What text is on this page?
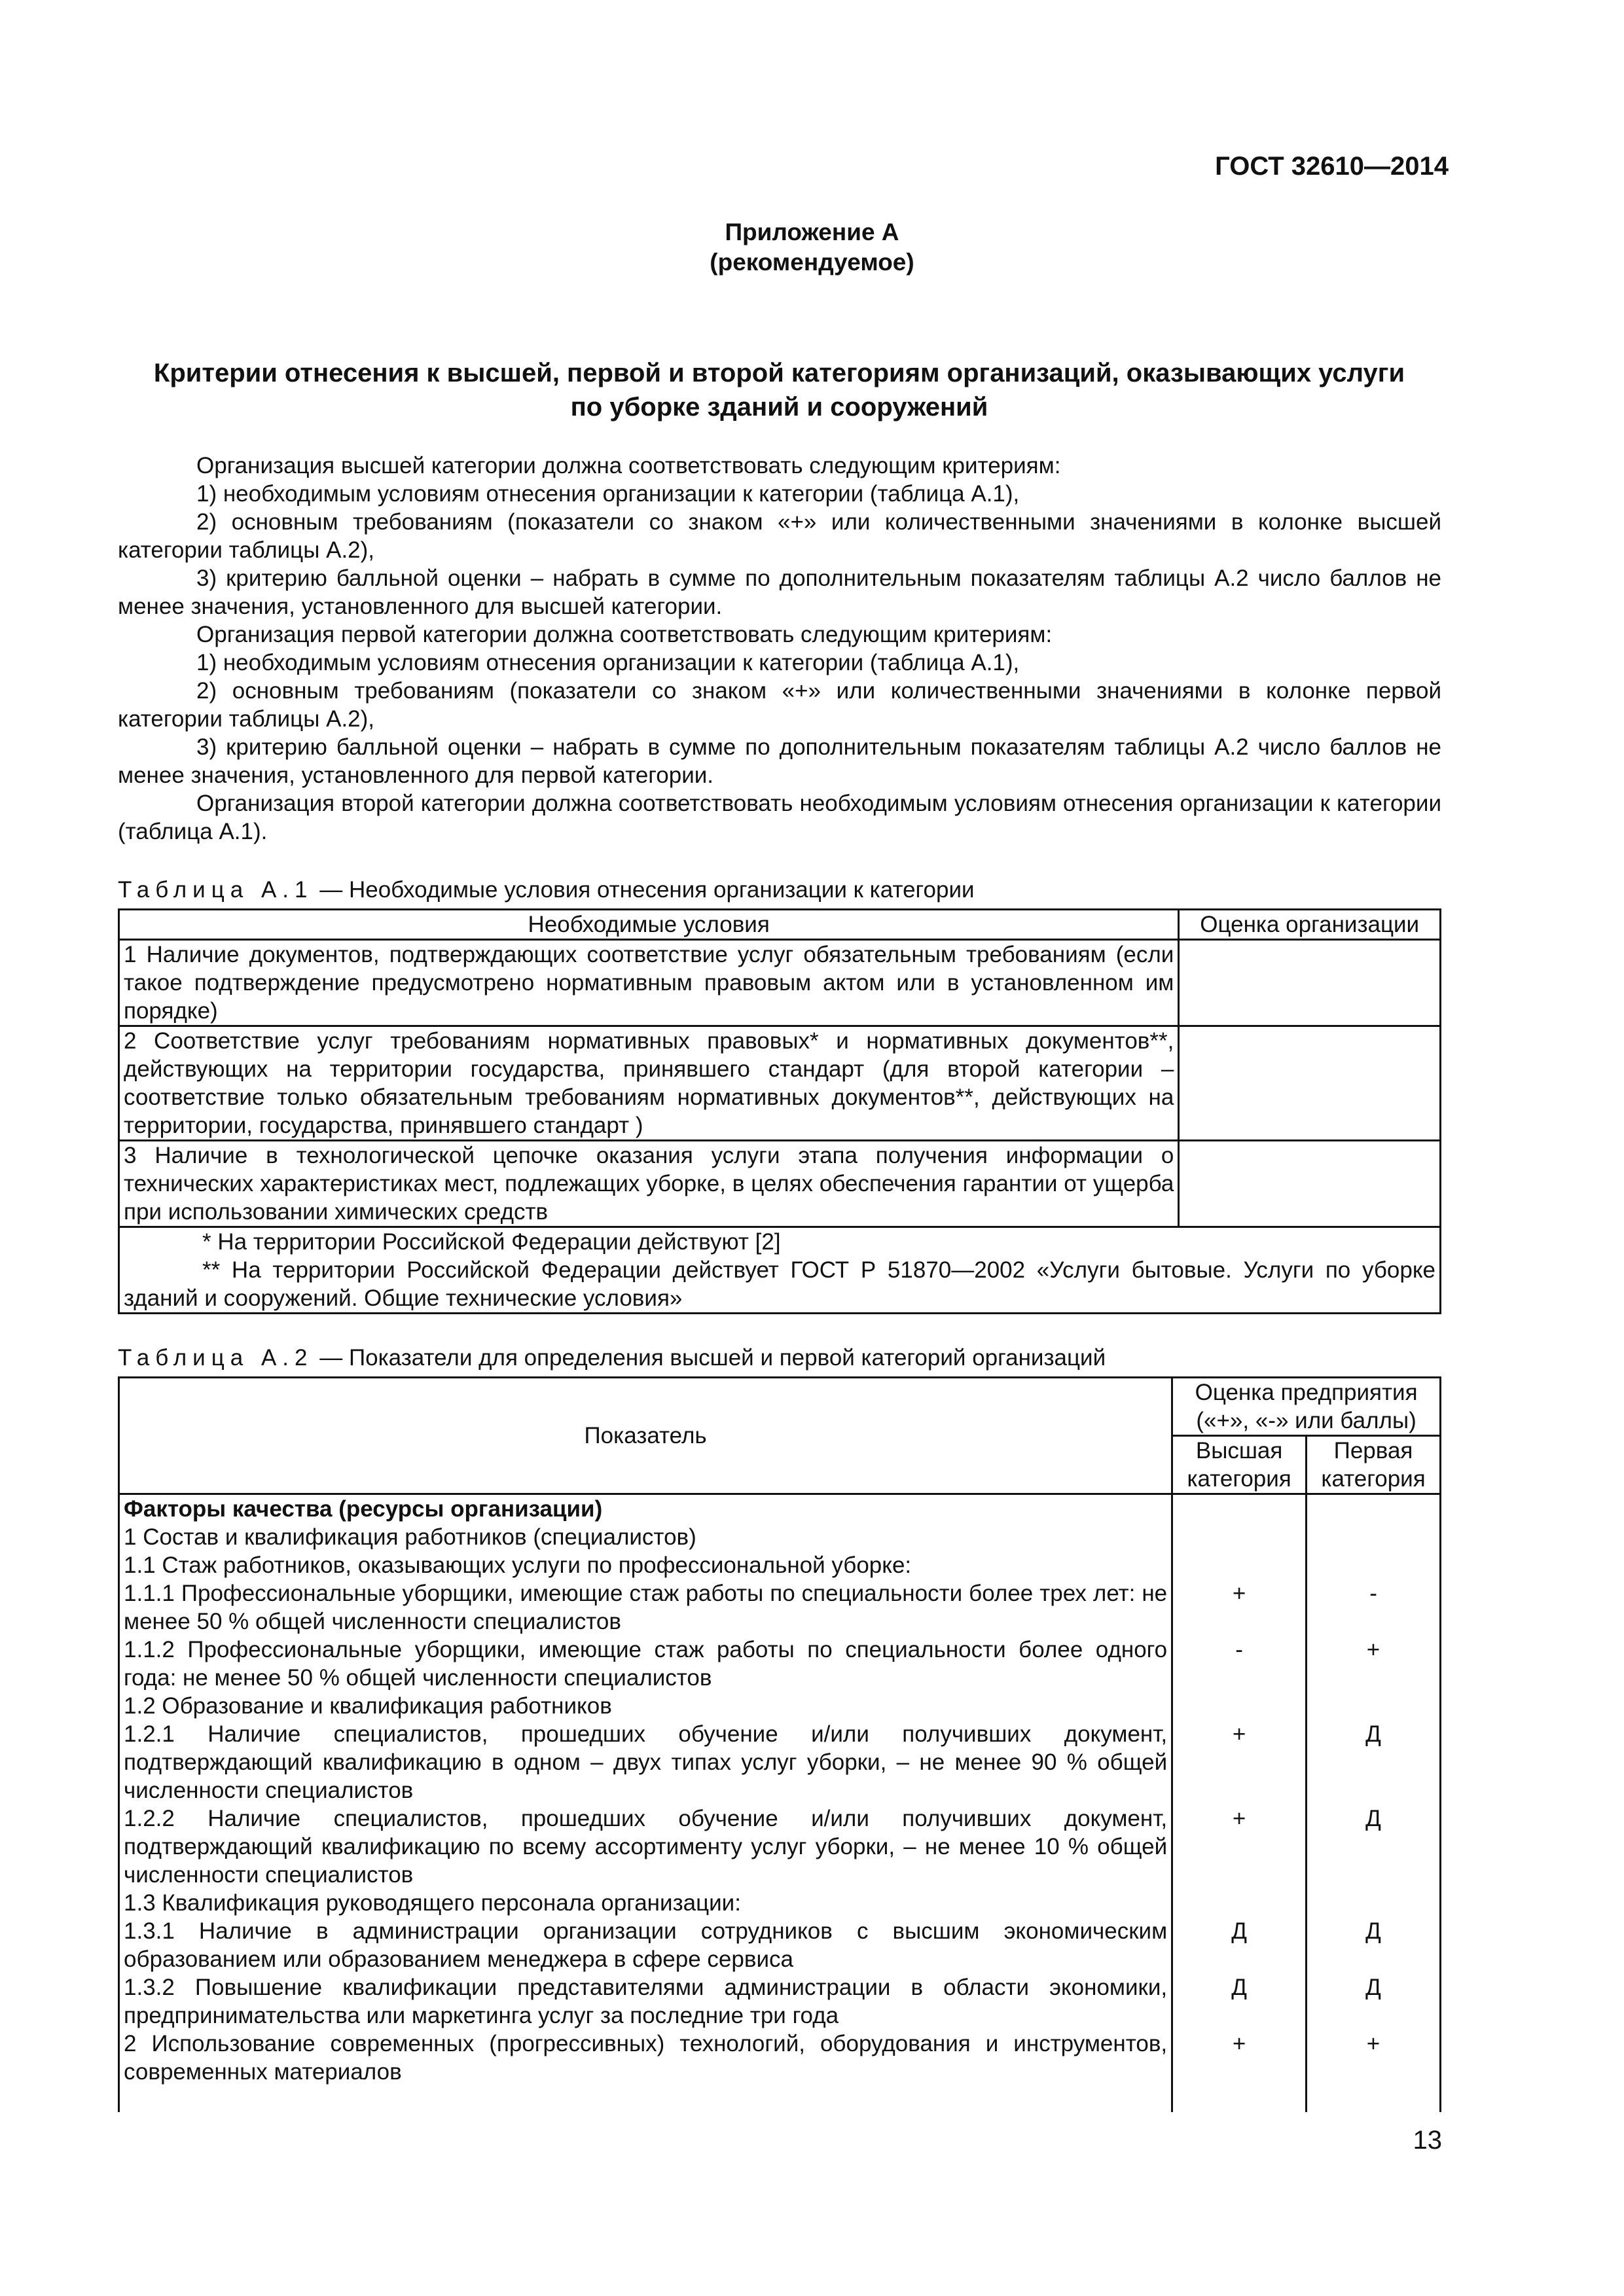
ГОСТ 32610—2014
Приложение А
(рекомендуемое)
Критерии отнесения к высшей, первой и второй категориям организаций, оказывающих услуги
по уборке зданий и сооружений

Организация высшей категории должна соответствовать следующим критериям:

1) необходимым условиям отнесения организации к категории (таблица А.1),

2) основным требованиям (показатели со знаком «+» или количественными значениями в колонке высшей категории таблицы А.2),

3) критерию балльной оценки – набрать в сумме по дополнительным показателям таблицы А.2 число баллов не менее значения, установленного для высшей категории.

Организация первой категории должна соответствовать следующим критериям:

1) необходимым условиям отнесения организации к категории (таблица А.1),

2) основным требованиям (показатели со знаком «+» или количественными значениями в колонке первой категории таблицы А.2),

3) критерию балльной оценки – набрать в сумме по дополнительным показателям таблицы А.2 число баллов не менее значения, установленного для первой категории.

Организация второй категории должна соответствовать необходимым условиям отнесения организации к категории (таблица А.1).

Таблица А.1 — Необходимые условия отнесения организации к категории
Необходимые условия	Оценка организации
1 Наличие документов, подтверждающих соответствие услуг обязательным требованиям (если такое подтверждение предусмотрено нормативным правовым актом или в установленном им порядке)	
2 Соответствие услуг требованиям нормативных правовых* и нормативных документов**, действующих на территории государства, принявшего стандарт (для второй категории – соответствие только обязательным требованиям нормативных документов**, действующих на территории, государства, принявшего стандарт )	
3 Наличие в технологической цепочке оказания услуги этапа получения информации о технических характеристиках мест, подлежащих уборке, в целях обеспечения гарантии от ущерба при использовании химических средств	

* На территории Российской Федерации действуют [2]
** На территории Российской Федерации действует ГОСТ Р 51870—2002 «Услуги бытовые. Услуги по уборке зданий и сооружений. Общие технические условия»	
Таблица А.2 — Показатели для определения высшей и первой категорий организаций
Показатель	Оценка предприятия («+», «-» или баллы)	
	Высшая категория	Первая категория
Факторы качества (ресурсы организации)		
1 Состав и квалификация работников (специалистов)		
1.1 Стаж работников, оказывающих услуги по профессиональной уборке:		
1.1.1 Профессиональные уборщики, имеющие стаж работы по специальности более трех лет: не менее 50 % общей численности специалистов	+	-
1.1.2 Профессиональные уборщики, имеющие стаж работы по специальности более одного года: не менее 50 % общей численности специалистов	-	+
1.2 Образование и квалификация работников		
1.2.1 Наличие специалистов, прошедших обучение и/или получивших документ, подтверждающий квалификацию в одном – двух типах услуг уборки, – не менее 90 % общей численности специалистов	+	Д
1.2.2 Наличие специалистов, прошедших обучение и/или получивших документ, подтверждающий квалификацию по всему ассортименту услуг уборки, – не менее 10 % общей численности специалистов	+	Д
1.3 Квалификация руководящего персонала организации:		
1.3.1 Наличие в администрации организации сотрудников с высшим экономическим образованием или образованием менеджера в сфере сервиса	Д	Д
1.3.2 Повышение квалификации представителями администрации в области экономики, предпринимательства или маркетинга услуг за последние три года	Д	Д
2 Использование современных (прогрессивных) технологий, оборудования и инструментов, современных материалов	+	+

13
